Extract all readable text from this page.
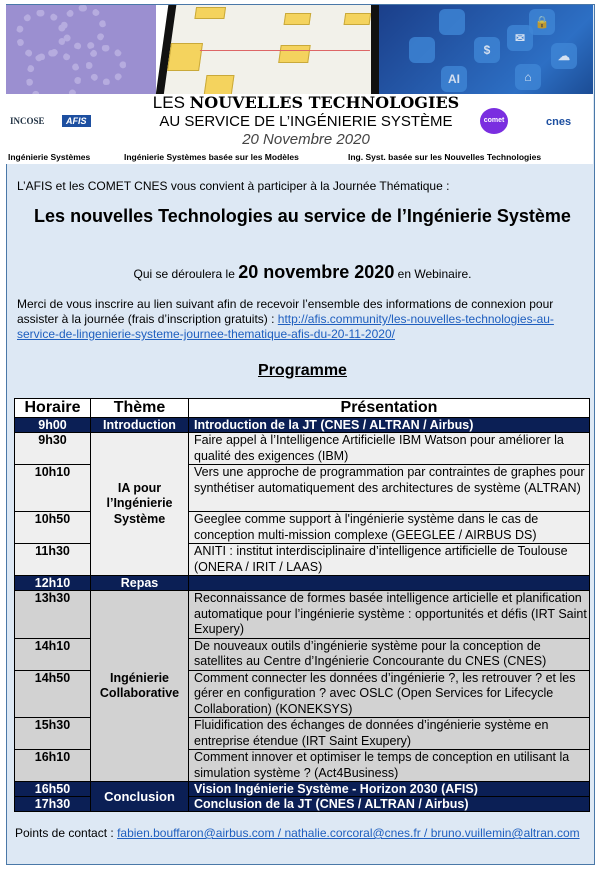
🔒
$
✉
☁
AI	⌂
LES NOUVELLES TECHNOLOGIES
AU SERVICE DE L’INGÉNIERIE SYSTÈME
20 Novembre 2020
INCOSE	AFIS	comet	cnes
Ingénierie Systèmes	Ingénierie Systèmes basée sur les Modèles	Ing. Syst. basée sur les Nouvelles Technologies
L’AFIS et les COMET CNES vous convient à participer à la Journée Thématique :
Les nouvelles Technologies au service de l’Ingénierie Système
Qui se déroulera le 20 novembre 2020 en Webinaire.
Merci de vous inscrire au lien suivant afin de recevoir l’ensemble des informations de connexion pour assister à la journée (frais d’inscription gratuits) : http://afis.community/les-nouvelles-technologies-au-service-de-lingenierie-systeme-journee-thematique-afis-du-20-11-2020/
Programme
Horaire	Thème	Présentation
9h00	Introduction	Introduction de la JT (CNES / ALTRAN / Airbus)
9h30	IA pour l’Ingénierie Système	Faire appel à l’Intelligence Artificielle IBM Watson pour améliorer la qualité des exigences (IBM)
10h10		Vers une approche de programmation par contraintes de graphes pour synthétiser automatiquement des architectures de système (ALTRAN)
10h50		Geeglee comme support à l'ingénierie système dans le cas de conception multi-mission complexe (GEEGLEE / AIRBUS DS)
11h30		ANITI : institut interdisciplinaire d’intelligence artificielle de Toulouse (ONERA / IRIT / LAAS)
12h10	Repas	
13h30	Ingénierie Collaborative	Reconnaissance de formes basée intelligence articielle et planification automatique pour l’ingénierie système : opportunités et défis (IRT Saint Exupery)
14h10		De nouveaux outils d’ingénierie système pour la conception de satellites au Centre d’Ingénierie Concourante du CNES (CNES)
14h50		Comment connecter les données d’ingénierie ?, les retrouver ? et les gérer en configuration ? avec OSLC (Open Services for Lifecycle Collaboration) (KONEKSYS)
15h30		Fluidification des échanges de données d’ingénierie système en entreprise étendue (IRT Saint Exupery)
16h10		Comment innover et optimiser le temps de conception en utilisant la simulation système ? (Act4Business)
16h50	Conclusion	Vision Ingénierie Système - Horizon 2030 (AFIS)
17h30		Conclusion de la JT (CNES / ALTRAN / Airbus)
Points de contact : fabien.bouffaron@airbus.com / nathalie.corcoral@cnes.fr / bruno.vuillemin@altran.com
